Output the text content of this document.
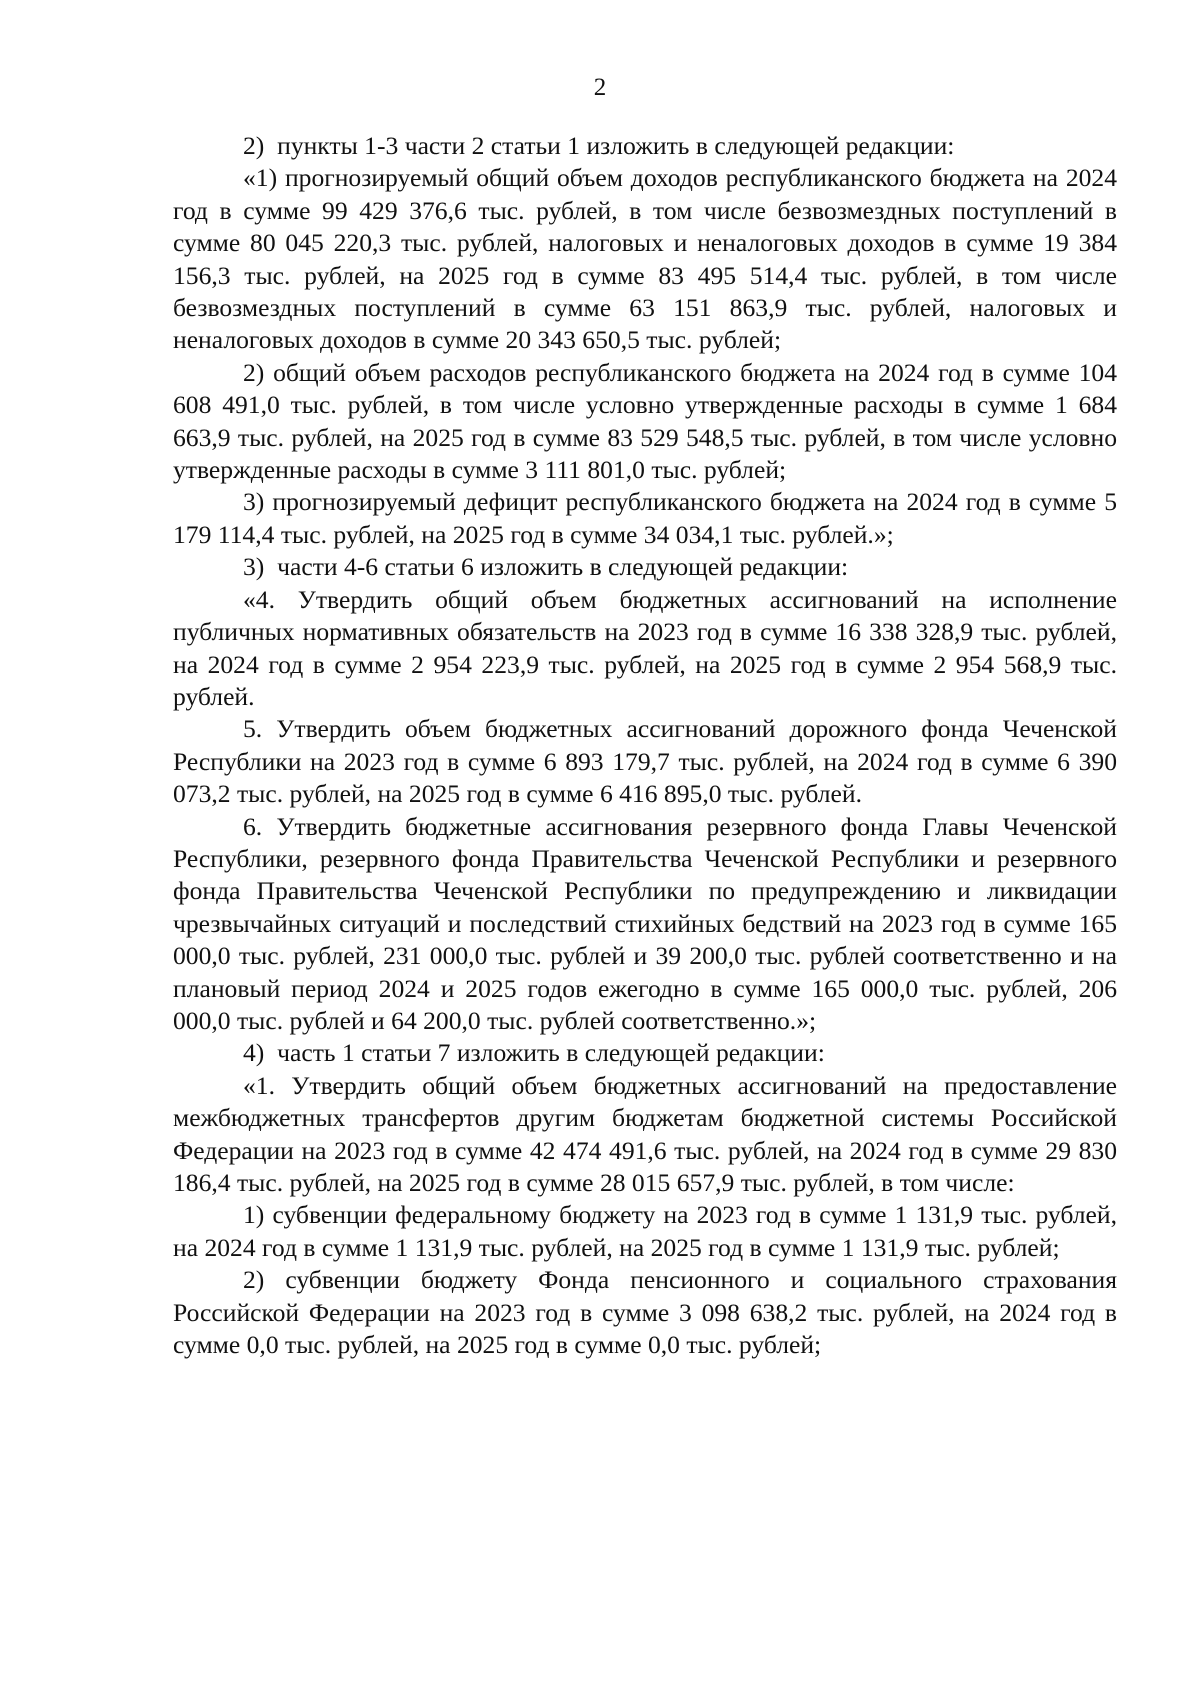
2

2)  пункты 1-3 части 2 статьи 1 изложить в следующей редакции:

«1) прогнозируемый общий объем доходов республиканского бюджета на 2024 год в сумме 99 429 376,6 тыс. рублей, в том числе безвозмездных поступлений в сумме 80 045 220,3 тыс. рублей, налоговых и неналоговых доходов в сумме 19 384 156,3 тыс. рублей, на 2025 год в сумме 83 495 514,4 тыс. рублей, в том числе безвозмездных поступлений в сумме 63 151 863,9 тыс. рублей, налоговых и неналоговых доходов в сумме 20 343 650,5 тыс. рублей;

2) общий объем расходов республиканского бюджета на 2024 год в сумме 104 608 491,0 тыс. рублей, в том числе условно утвержденные расходы в сумме 1 684 663,9 тыс. рублей, на 2025 год в сумме 83 529 548,5 тыс. рублей, в том числе условно утвержденные расходы в сумме 3 111 801,0 тыс. рублей;

3) прогнозируемый дефицит республиканского бюджета на 2024 год в сумме 5 179 114,4 тыс. рублей, на 2025 год в сумме 34 034,1 тыс. рублей.»;

3)  части 4-6 статьи 6 изложить в следующей редакции:

«4. Утвердить общий объем бюджетных ассигнований на исполнение публичных нормативных обязательств на 2023 год в сумме 16 338 328,9 тыс. рублей, на 2024 год в сумме 2 954 223,9 тыс. рублей, на 2025 год в сумме 2 954 568,9 тыс. рублей.

5. Утвердить объем бюджетных ассигнований дорожного фонда Чеченской Республики на 2023 год в сумме 6 893 179,7 тыс. рублей, на 2024 год в сумме 6 390 073,2 тыс. рублей, на 2025 год в сумме 6 416 895,0 тыс. рублей.

6. Утвердить бюджетные ассигнования резервного фонда Главы Чеченской Республики, резервного фонда Правительства Чеченской Республики и резервного фонда Правительства Чеченской Республики по предупреждению и ликвидации чрезвычайных ситуаций и последствий стихийных бедствий на 2023 год в сумме 165 000,0 тыс. рублей, 231 000,0 тыс. рублей и 39 200,0 тыс. рублей соответственно и на плановый период 2024 и 2025 годов ежегодно в сумме 165 000,0 тыс. рублей, 206 000,0 тыс. рублей и 64 200,0 тыс. рублей соответственно.»;

4)  часть 1 статьи 7 изложить в следующей редакции:

«1. Утвердить общий объем бюджетных ассигнований на предоставление межбюджетных трансфертов другим бюджетам бюджетной системы Российской Федерации на 2023 год в сумме 42 474 491,6 тыс. рублей, на 2024 год в сумме 29 830 186,4 тыс. рублей, на 2025 год в сумме 28 015 657,9 тыс. рублей, в том числе:

1) субвенции федеральному бюджету на 2023 год в сумме 1 131,9 тыс. рублей, на 2024 год в сумме 1 131,9 тыс. рублей, на 2025 год в сумме 1 131,9 тыс. рублей;

2) субвенции бюджету Фонда пенсионного и социального страхования Российской Федерации на 2023 год в сумме 3 098 638,2 тыс. рублей, на 2024 год в сумме 0,0 тыс. рублей, на 2025 год в сумме 0,0 тыс. рублей;
